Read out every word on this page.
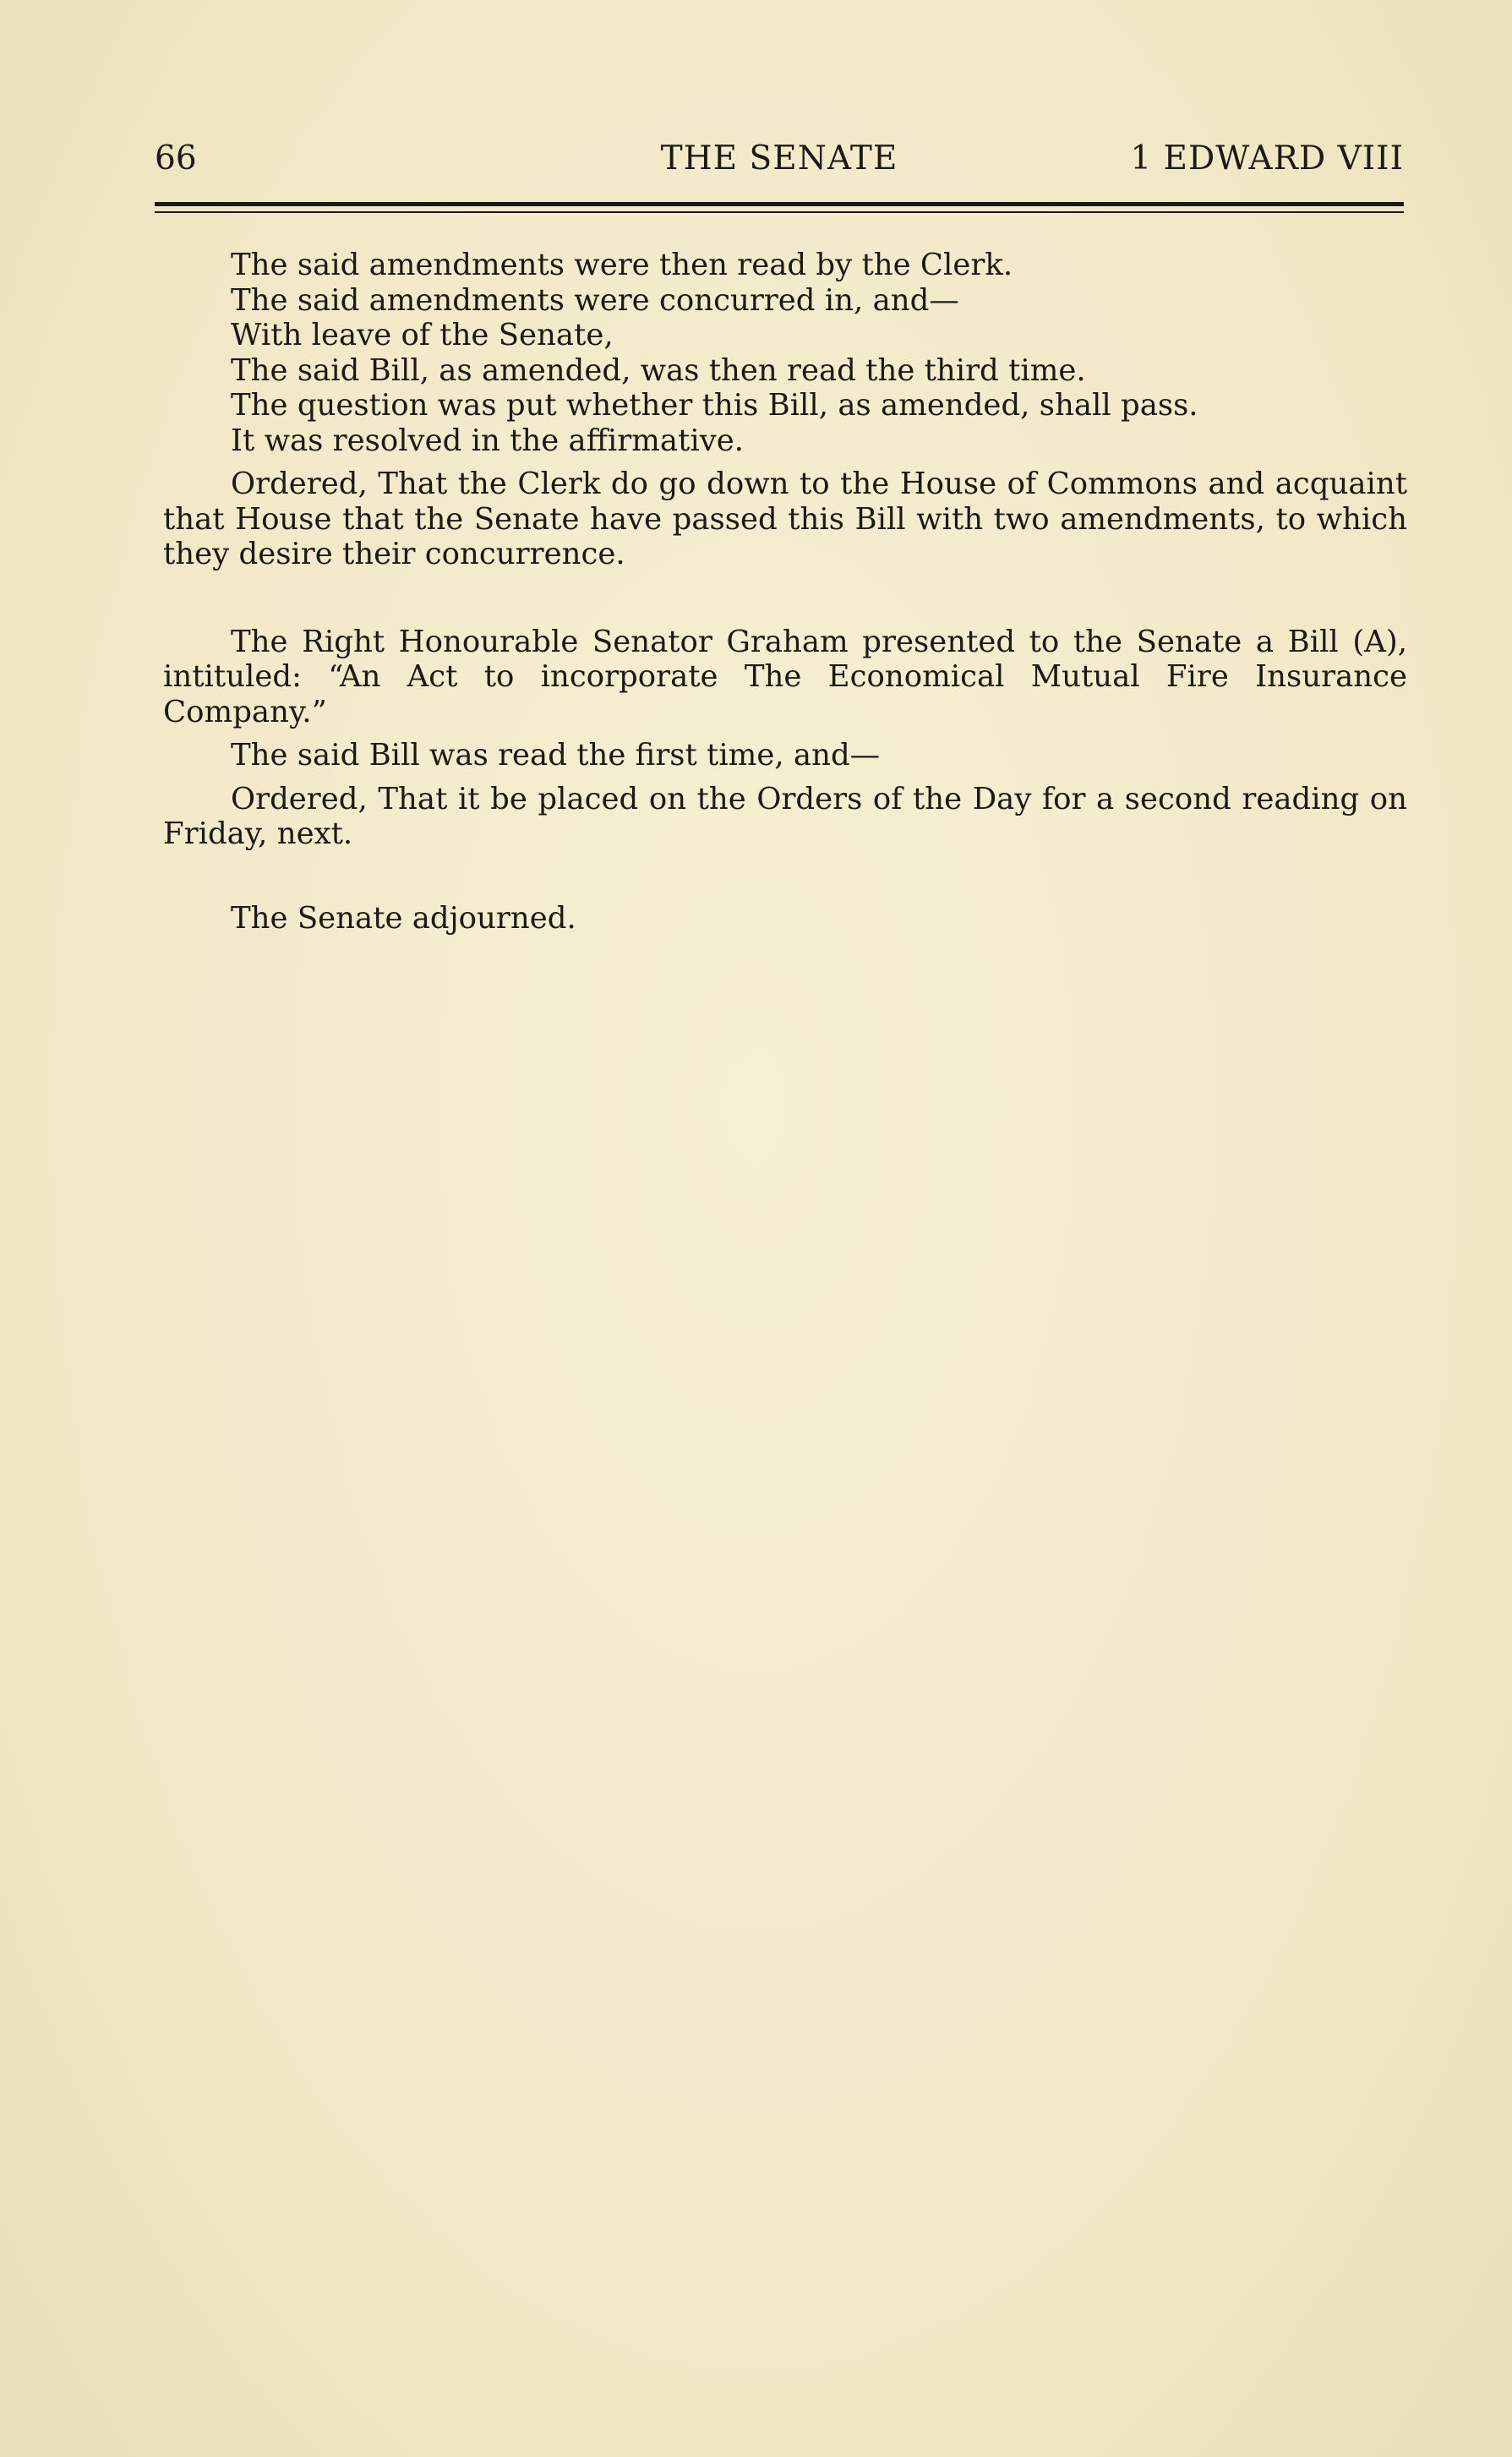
66	THE SENATE	1 EDWARD VIII

The said amendments were then read by the Clerk.

The said amendments were concurred in, and—

With leave of the Senate,

The said Bill, as amended, was then read the third time.

The question was put whether this Bill, as amended, shall pass.

It was resolved in the affirmative.

Ordered, That the Clerk do go down to the House of Commons and acquaint that House that the Senate have passed this Bill with two amendments, to which they desire their concurrence.

The Right Honourable Senator Graham presented to the Senate a Bill (A), intituled: “An Act to incorporate The Economical Mutual Fire Insurance Company.”

The said Bill was read the first time, and—

Ordered, That it be placed on the Orders of the Day for a second reading on Friday, next.

The Senate adjourned.
